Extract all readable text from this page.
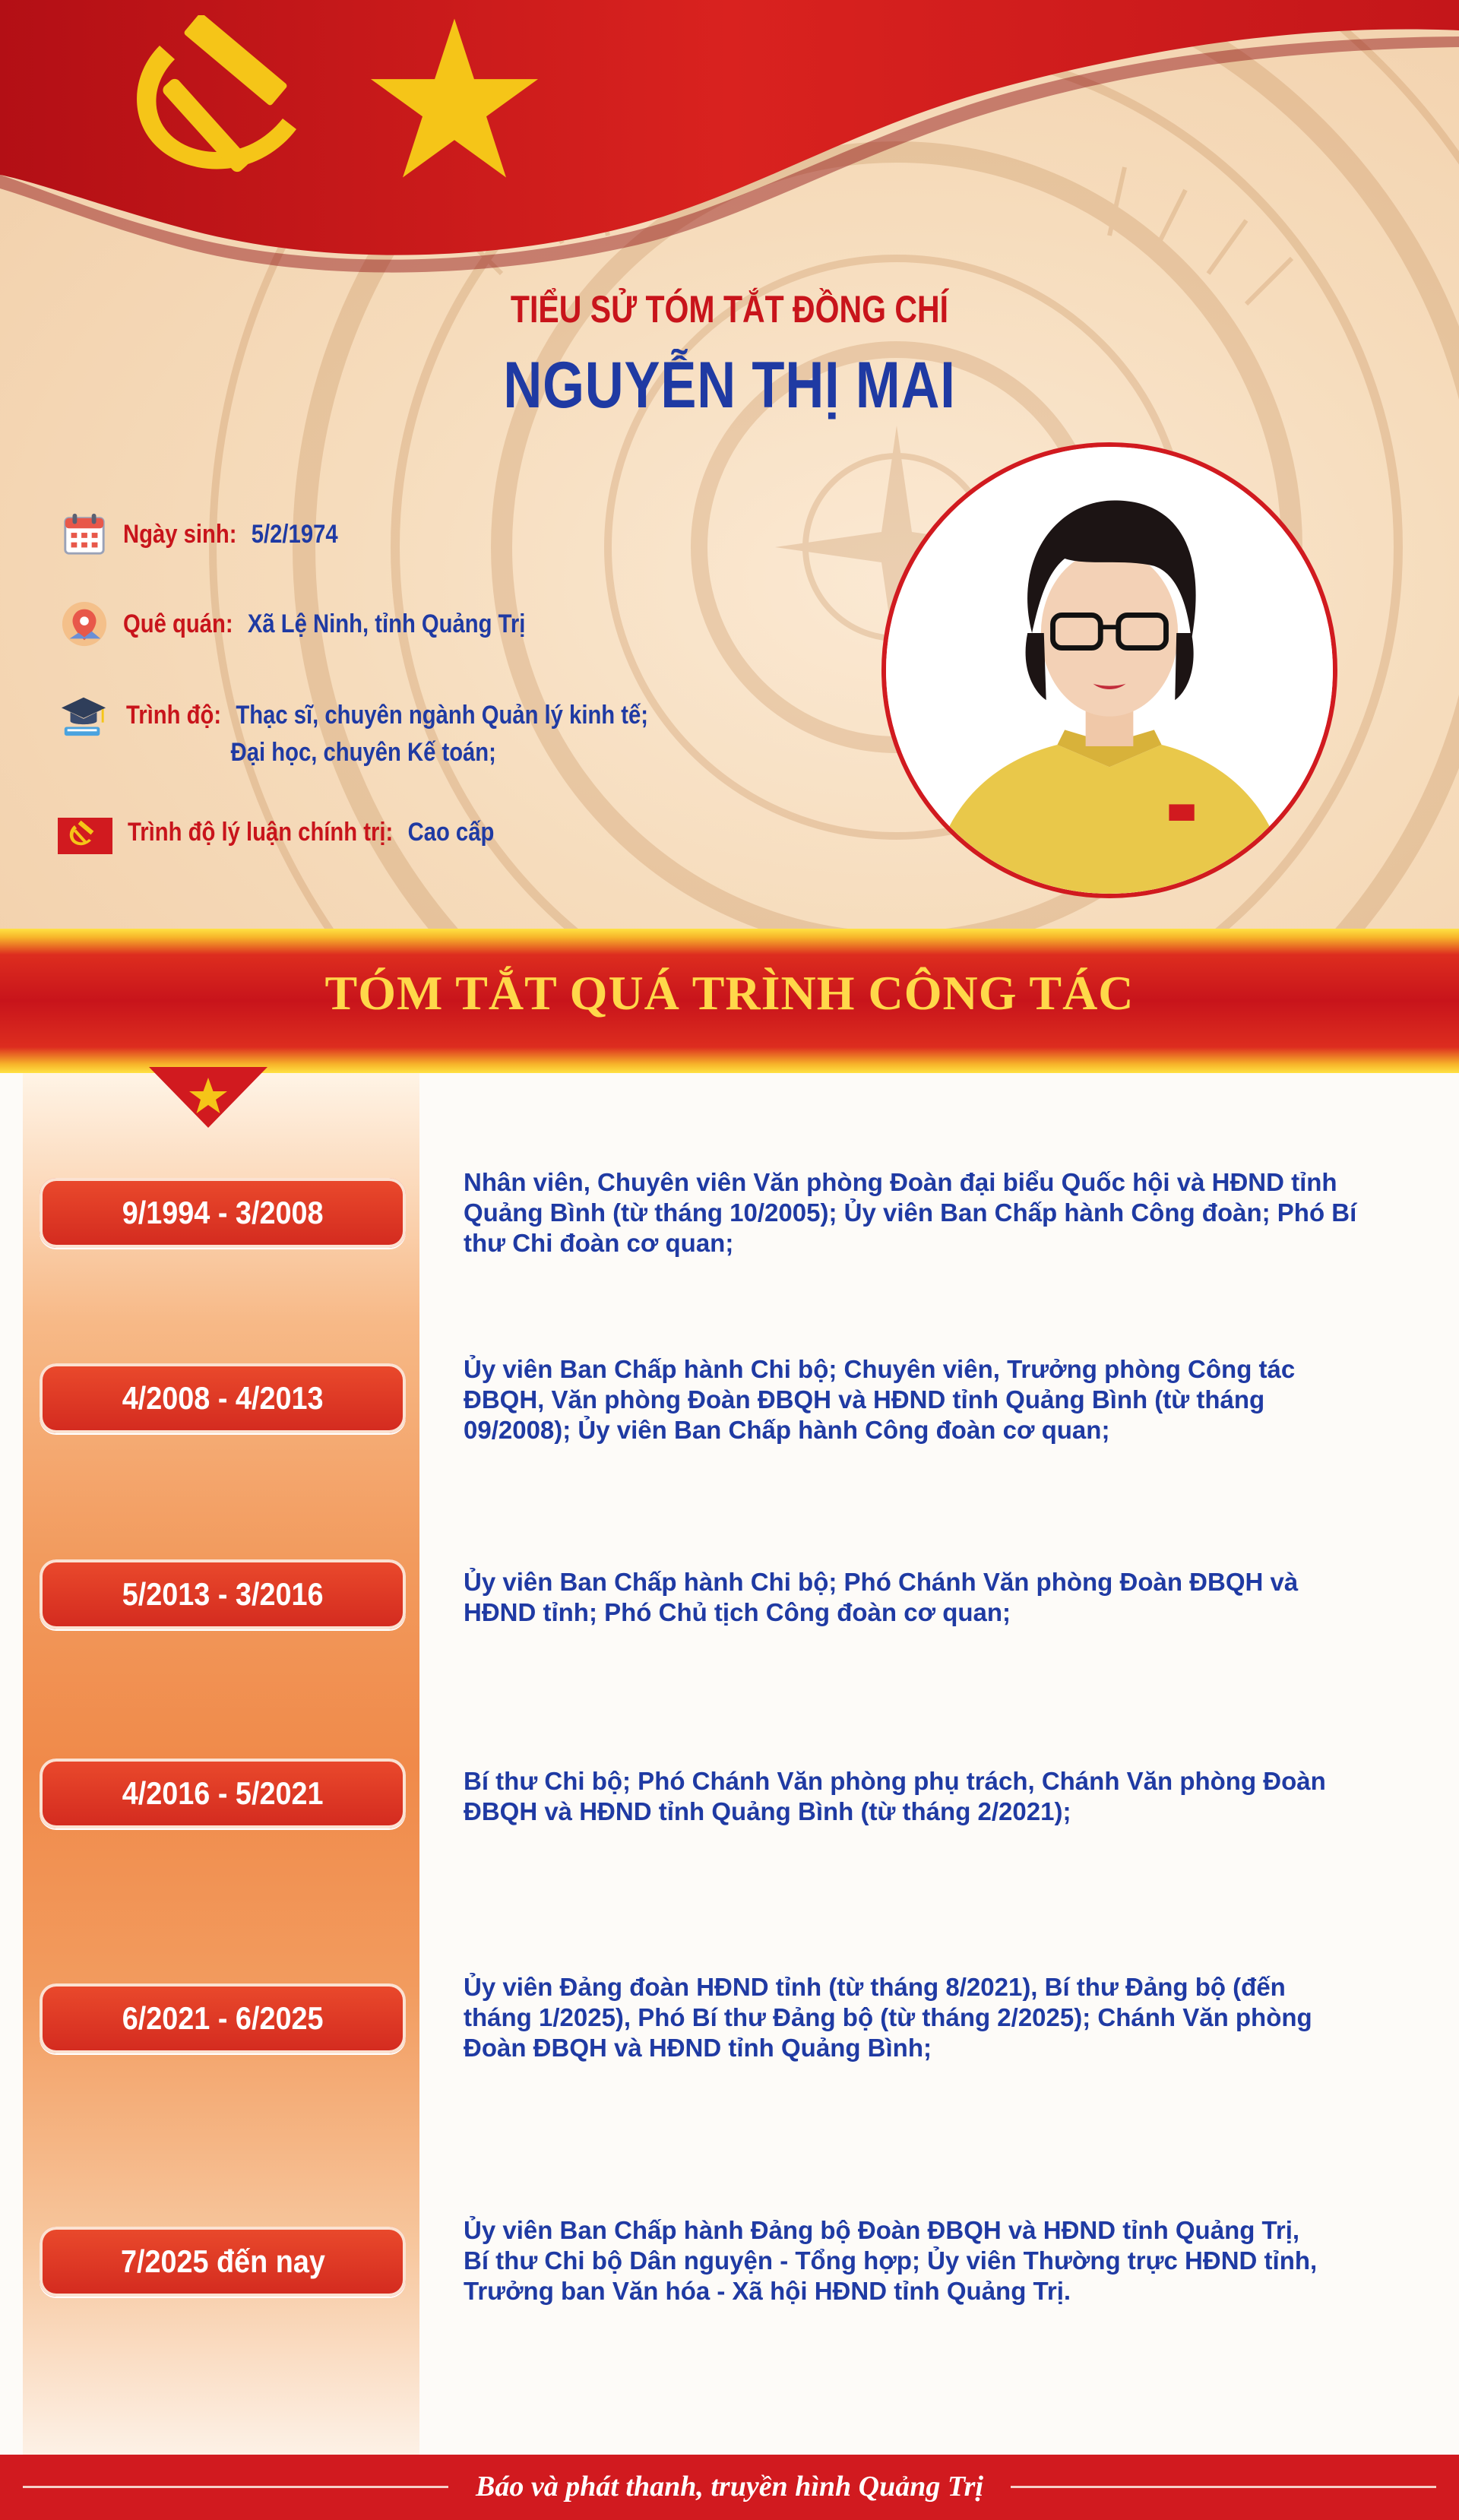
TIỂU SỬ TÓM TẮT ĐỒNG CHÍ
NGUYỄN THỊ MAI
Ngày sinh: 5/2/1974
Quê quán: Xã Lệ Ninh, tỉnh Quảng Trị
Trình độ: Thạc sĩ, chuyên ngành Quản lý kinh tế;
Đại học, chuyên Kế toán;
Trình độ lý luận chính trị: Cao cấp
TÓM TẮT QUÁ TRÌNH CÔNG TÁC
9/1994 - 3/2008
Nhân viên, Chuyên viên Văn phòng Đoàn đại biểu Quốc hội và HĐND tỉnh
Quảng Bình (từ tháng 10/2005); Ủy viên Ban Chấp hành Công đoàn; Phó Bí
thư Chi đoàn cơ quan;
4/2008 - 4/2013
Ủy viên Ban Chấp hành Chi bộ; Chuyên viên, Trưởng phòng Công tác
ĐBQH, Văn phòng Đoàn ĐBQH và HĐND tỉnh Quảng Bình (từ tháng
09/2008); Ủy viên Ban Chấp hành Công đoàn cơ quan;
5/2013 - 3/2016	Ủy viên Ban Chấp hành Chi bộ; Phó Chánh Văn phòng Đoàn ĐBQH và
HĐND tỉnh; Phó Chủ tịch Công đoàn cơ quan;
4/2016 - 5/2021	Bí thư Chi bộ; Phó Chánh Văn phòng phụ trách, Chánh Văn phòng Đoàn
ĐBQH và HĐND tỉnh Quảng Bình (từ tháng 2/2021);
6/2021 - 6/2025
Ủy viên Đảng đoàn HĐND tỉnh (từ tháng 8/2021), Bí thư Đảng bộ (đến
tháng 1/2025), Phó Bí thư Đảng bộ (từ tháng 2/2025); Chánh Văn phòng
Đoàn ĐBQH và HĐND tỉnh Quảng Bình;
7/2025 đến nay
Ủy viên Ban Chấp hành Đảng bộ Đoàn ĐBQH và HĐND tỉnh Quảng Trị,
Bí thư Chi bộ Dân nguyện - Tổng hợp; Ủy viên Thường trực HĐND tỉnh,
Trưởng ban Văn hóa - Xã hội HĐND tỉnh Quảng Trị.
Báo và phát thanh, truyền hình Quảng Trị
